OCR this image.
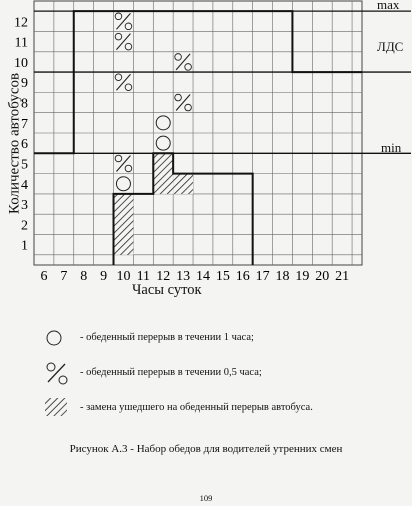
Количество автобусов
1
2
3
4
5
6
7
8
9
10
11
12
6 7 8 9 10 11 12 13 14 15 16 17 18 19 20 21
max
ЛДС
min
Часы суток
- обеденный перерыв в течении 1 часа;
- обеденный перерыв в течении 0,5 часа;
- замена ушедшего на обеденный перерыв автобуса.
Рисунок А.3 - Набор обедов для водителей утренних смен
109
